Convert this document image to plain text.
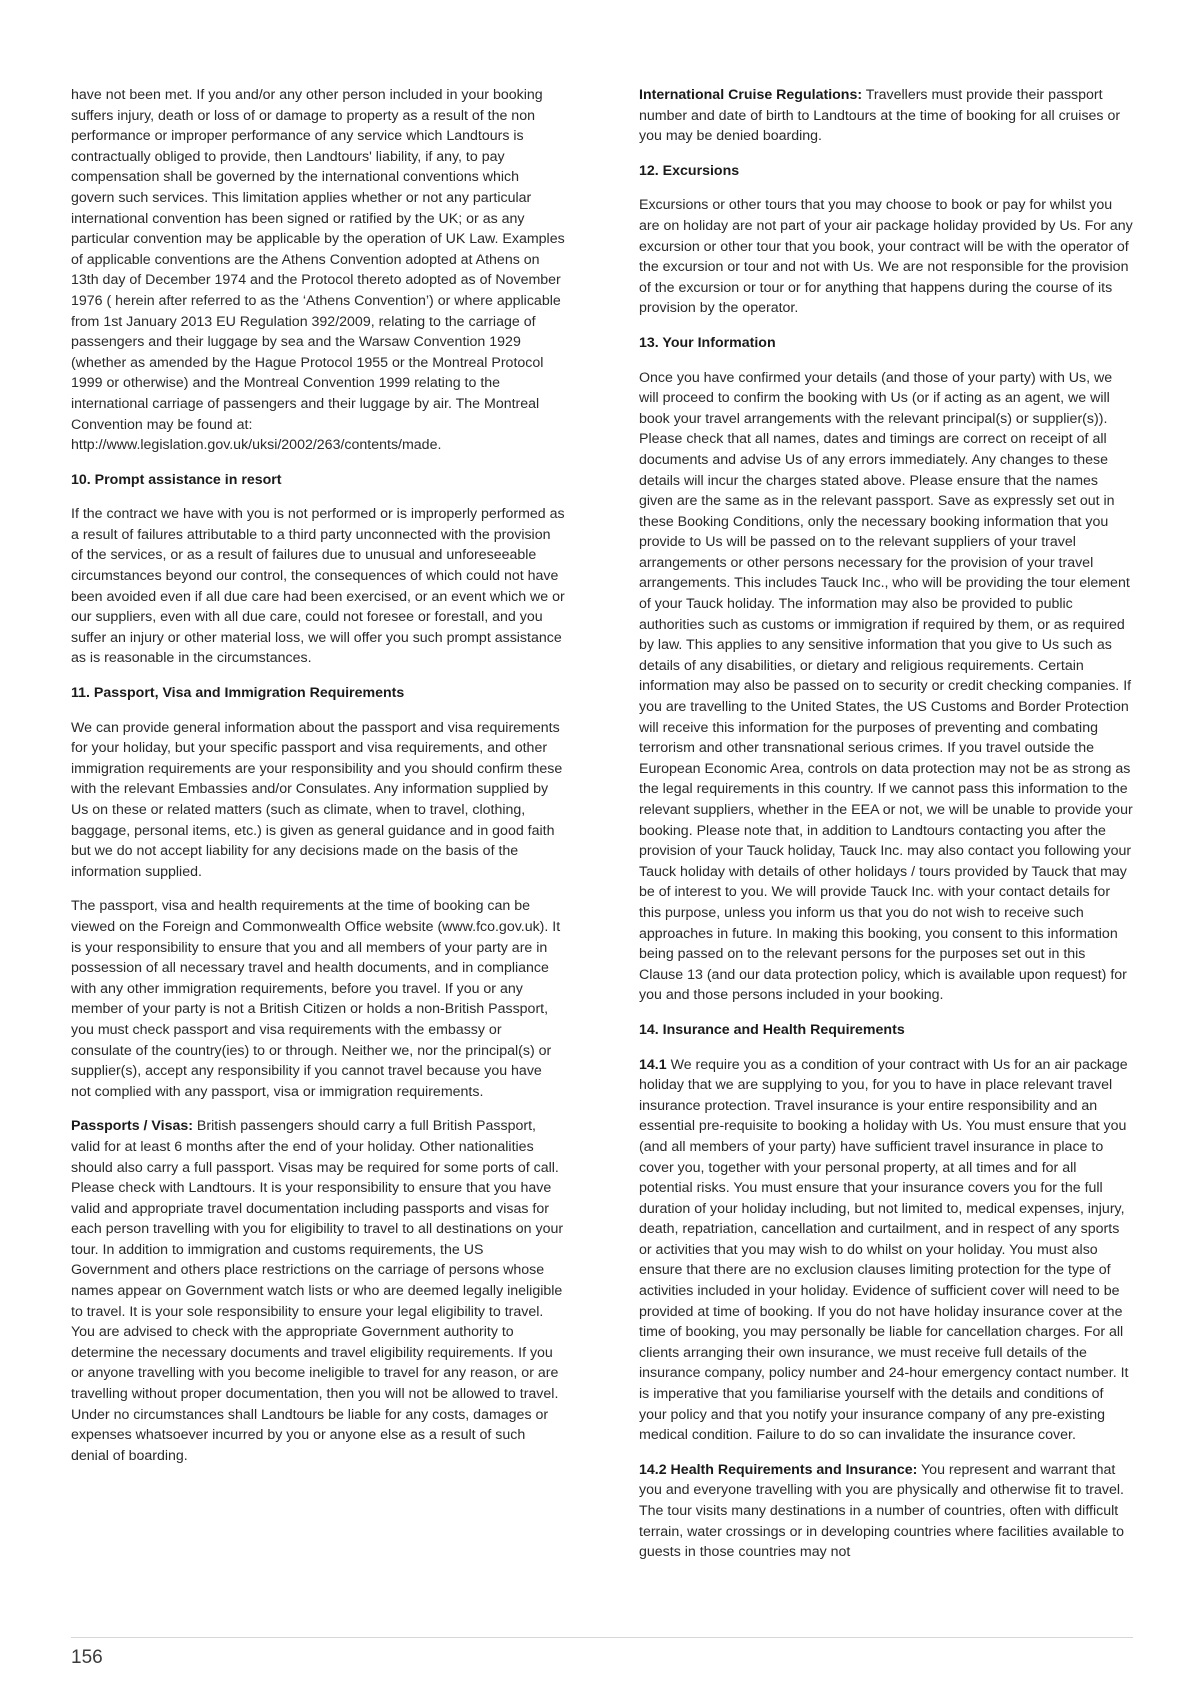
have not been met. If you and/or any other person included in your booking suffers injury, death or loss of or damage to property as a result of the non performance or improper performance of any service which Landtours is contractually obliged to provide, then Landtours' liability, if any, to pay compensation shall be governed by the international conventions which govern such services. This limitation applies whether or not any particular international convention has been signed or ratified by the UK; or as any particular convention may be applicable by the operation of UK Law. Examples of applicable conventions are the Athens Convention adopted at Athens on 13th day of December 1974 and the Protocol thereto adopted as of November 1976 ( herein after referred to as the ‘Athens Convention’) or where applicable from 1st January 2013 EU Regulation 392/2009, relating to the carriage of passengers and their luggage by sea and the Warsaw Convention 1929 (whether as amended by the Hague Protocol 1955 or the Montreal Protocol 1999 or otherwise) and the Montreal Convention 1999 relating to the international carriage of passengers and their luggage by air. The Montreal Convention may be found at: http://www.legislation.gov.uk/uksi/2002/263/contents/made.

10. Prompt assistance in resort

If the contract we have with you is not performed or is improperly performed as a result of failures attributable to a third party unconnected with the provision of the services, or as a result of failures due to unusual and unforeseeable circumstances beyond our control, the consequences of which could not have been avoided even if all due care had been exercised, or an event which we or our suppliers, even with all due care, could not foresee or forestall, and you suffer an injury or other material loss, we will offer you such prompt assistance as is reasonable in the circumstances.

11. Passport, Visa and Immigration Requirements

We can provide general information about the passport and visa requirements for your holiday, but your specific passport and visa requirements, and other immigration requirements are your responsibility and you should confirm these with the relevant Embassies and/or Consulates. Any information supplied by Us on these or related matters (such as climate, when to travel, clothing, baggage, personal items, etc.) is given as general guidance and in good faith but we do not accept liability for any decisions made on the basis of the information supplied.

The passport, visa and health requirements at the time of booking can be viewed on the Foreign and Commonwealth Office website (www.fco.gov.uk). It is your responsibility to ensure that you and all members of your party are in possession of all necessary travel and health documents, and in compliance with any other immigration requirements, before you travel. If you or any member of your party is not a British Citizen or holds a non-British Passport, you must check passport and visa requirements with the embassy or consulate of the country(ies) to or through. Neither we, nor the principal(s) or supplier(s), accept any responsibility if you cannot travel because you have not complied with any passport, visa or immigration requirements.

Passports / Visas: British passengers should carry a full British Passport, valid for at least 6 months after the end of your holiday. Other nationalities should also carry a full passport. Visas may be required for some ports of call. Please check with Landtours. It is your responsibility to ensure that you have valid and appropriate travel documentation including passports and visas for each person travelling with you for eligibility to travel to all destinations on your tour. In addition to immigration and customs requirements, the US Government and others place restrictions on the carriage of persons whose names appear on Government watch lists or who are deemed legally ineligible to travel. It is your sole responsibility to ensure your legal eligibility to travel. You are advised to check with the appropriate Government authority to determine the necessary documents and travel eligibility requirements. If you or anyone travelling with you become ineligible to travel for any reason, or are travelling without proper documentation, then you will not be allowed to travel. Under no circumstances shall Landtours be liable for any costs, damages or expenses whatsoever incurred by you or anyone else as a result of such denial of boarding.

International Cruise Regulations: Travellers must provide their passport number and date of birth to Landtours at the time of booking for all cruises or you may be denied boarding.

12. Excursions

Excursions or other tours that you may choose to book or pay for whilst you are on holiday are not part of your air package holiday provided by Us. For any excursion or other tour that you book, your contract will be with the operator of the excursion or tour and not with Us. We are not responsible for the provision of the excursion or tour or for anything that happens during the course of its provision by the operator.

13. Your Information

Once you have confirmed your details (and those of your party) with Us, we will proceed to confirm the booking with Us (or if acting as an agent, we will book your travel arrangements with the relevant principal(s) or supplier(s)). Please check that all names, dates and timings are correct on receipt of all documents and advise Us of any errors immediately. Any changes to these details will incur the charges stated above. Please ensure that the names given are the same as in the relevant passport. Save as expressly set out in these Booking Conditions, only the necessary booking information that you provide to Us will be passed on to the relevant suppliers of your travel arrangements or other persons necessary for the provision of your travel arrangements. This includes Tauck Inc., who will be providing the tour element of your Tauck holiday. The information may also be provided to public authorities such as customs or immigration if required by them, or as required by law. This applies to any sensitive information that you give to Us such as details of any disabilities, or dietary and religious requirements. Certain information may also be passed on to security or credit checking companies. If you are travelling to the United States, the US Customs and Border Protection will receive this information for the purposes of preventing and combating terrorism and other transnational serious crimes. If you travel outside the European Economic Area, controls on data protection may not be as strong as the legal requirements in this country. If we cannot pass this information to the relevant suppliers, whether in the EEA or not, we will be unable to provide your booking. Please note that, in addition to Landtours contacting you after the provision of your Tauck holiday, Tauck Inc. may also contact you following your Tauck holiday with details of other holidays / tours provided by Tauck that may be of interest to you. We will provide Tauck Inc. with your contact details for this purpose, unless you inform us that you do not wish to receive such approaches in future. In making this booking, you consent to this information being passed on to the relevant persons for the purposes set out in this Clause 13 (and our data protection policy, which is available upon request) for you and those persons included in your booking.

14. Insurance and Health Requirements

14.1 We require you as a condition of your contract with Us for an air package holiday that we are supplying to you, for you to have in place relevant travel insurance protection. Travel insurance is your entire responsibility and an essential pre-requisite to booking a holiday with Us. You must ensure that you (and all members of your party) have sufficient travel insurance in place to cover you, together with your personal property, at all times and for all potential risks. You must ensure that your insurance covers you for the full duration of your holiday including, but not limited to, medical expenses, injury, death, repatriation, cancellation and curtailment, and in respect of any sports or activities that you may wish to do whilst on your holiday. You must also ensure that there are no exclusion clauses limiting protection for the type of activities included in your holiday. Evidence of sufficient cover will need to be provided at time of booking. If you do not have holiday insurance cover at the time of booking, you may personally be liable for cancellation charges. For all clients arranging their own insurance, we must receive full details of the insurance company, policy number and 24-hour emergency contact number. It is imperative that you familiarise yourself with the details and conditions of your policy and that you notify your insurance company of any pre-existing medical condition. Failure to do so can invalidate the insurance cover.

14.2 Health Requirements and Insurance: You represent and warrant that you and everyone travelling with you are physically and otherwise fit to travel. The tour visits many destinations in a number of countries, often with difficult terrain, water crossings or in developing countries where facilities available to guests in those countries may not

156
